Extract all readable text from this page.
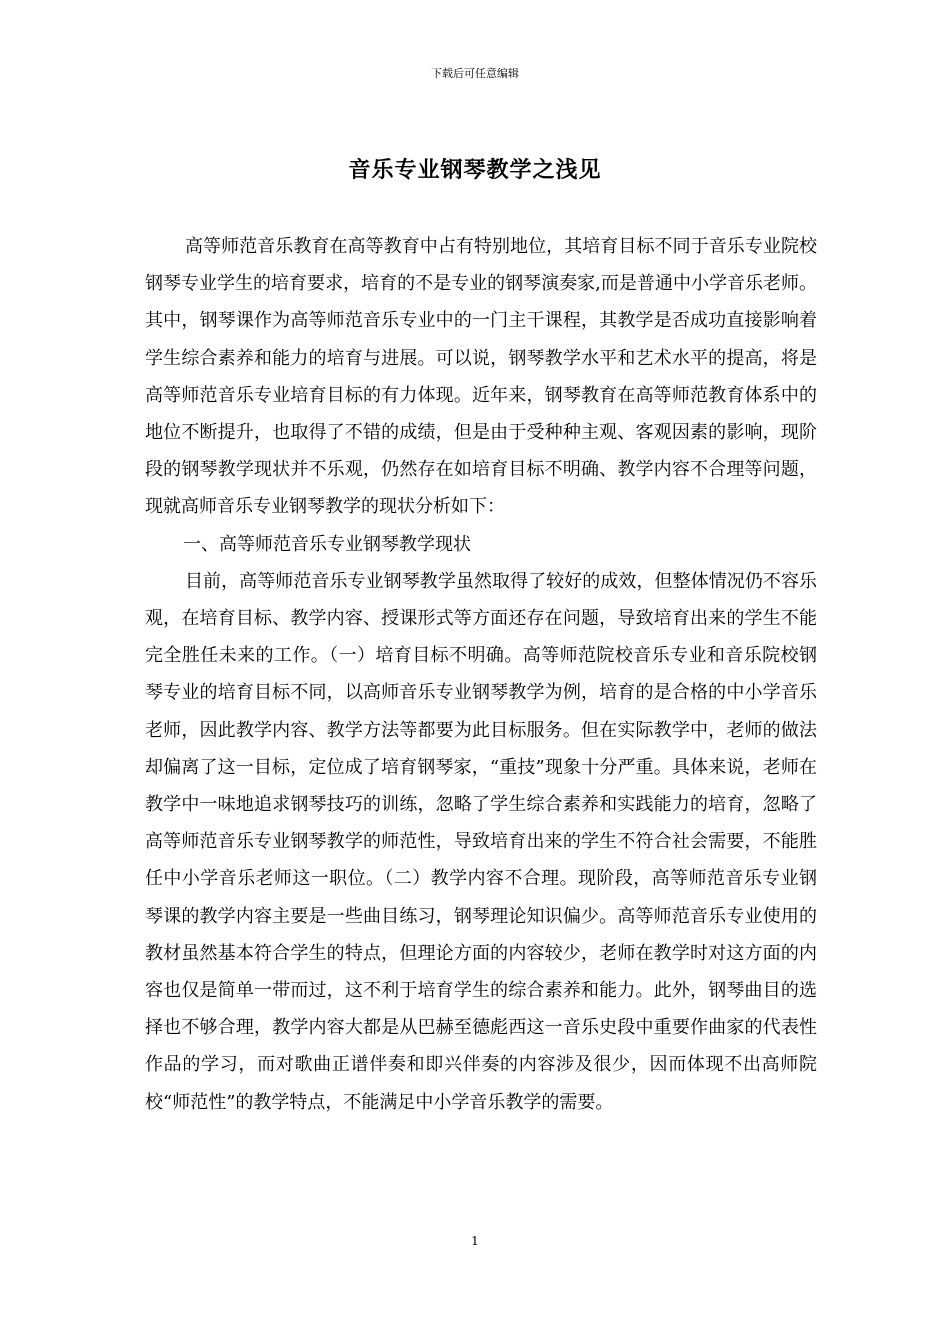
下载后可任意编辑
音乐专业钢琴教学之浅见

高等师范音乐教育在高等教育中占有特别地位，其培育目标不同于音乐专业院校钢琴专业学生的培育要求，培育的不是专业的钢琴演奏家,而是普通中小学音乐老师。其中，钢琴课作为高等师范音乐专业中的一门主干课程，其教学是否成功直接影响着学生综合素养和能力的培育与进展。可以说，钢琴教学水平和艺术水平的提高，将是高等师范音乐专业培育目标的有力体现。近年来，钢琴教育在高等师范教育体系中的地位不断提升，也取得了不错的成绩，但是由于受种种主观、客观因素的影响，现阶段的钢琴教学现状并不乐观，仍然存在如培育目标不明确、教学内容不合理等问题，现就高师音乐专业钢琴教学的现状分析如下：

一、高等师范音乐专业钢琴教学现状

目前，高等师范音乐专业钢琴教学虽然取得了较好的成效，但整体情况仍不容乐观，在培育目标、教学内容、授课形式等方面还存在问题，导致培育出来的学生不能完全胜任未来的工作。（一）培育目标不明确。高等师范院校音乐专业和音乐院校钢琴专业的培育目标不同，以高师音乐专业钢琴教学为例，培育的是合格的中小学音乐老师，因此教学内容、教学方法等都要为此目标服务。但在实际教学中，老师的做法却偏离了这一目标，定位成了培育钢琴家，“重技”现象十分严重。具体来说，老师在教学中一味地追求钢琴技巧的训练，忽略了学生综合素养和实践能力的培育，忽略了高等师范音乐专业钢琴教学的师范性，导致培育出来的学生不符合社会需要，不能胜任中小学音乐老师这一职位。（二）教学内容不合理。现阶段，高等师范音乐专业钢琴课的教学内容主要是一些曲目练习，钢琴理论知识偏少。高等师范音乐专业使用的教材虽然基本符合学生的特点，但理论方面的内容较少，老师在教学时对这方面的内容也仅是简单一带而过，这不利于培育学生的综合素养和能力。此外，钢琴曲目的选择也不够合理，教学内容大都是从巴赫至德彪西这一音乐史段中重要作曲家的代表性作品的学习，而对歌曲正谱伴奏和即兴伴奏的内容涉及很少，因而体现不出高师院校“师范性”的教学特点，不能满足中小学音乐教学的需要。

1
